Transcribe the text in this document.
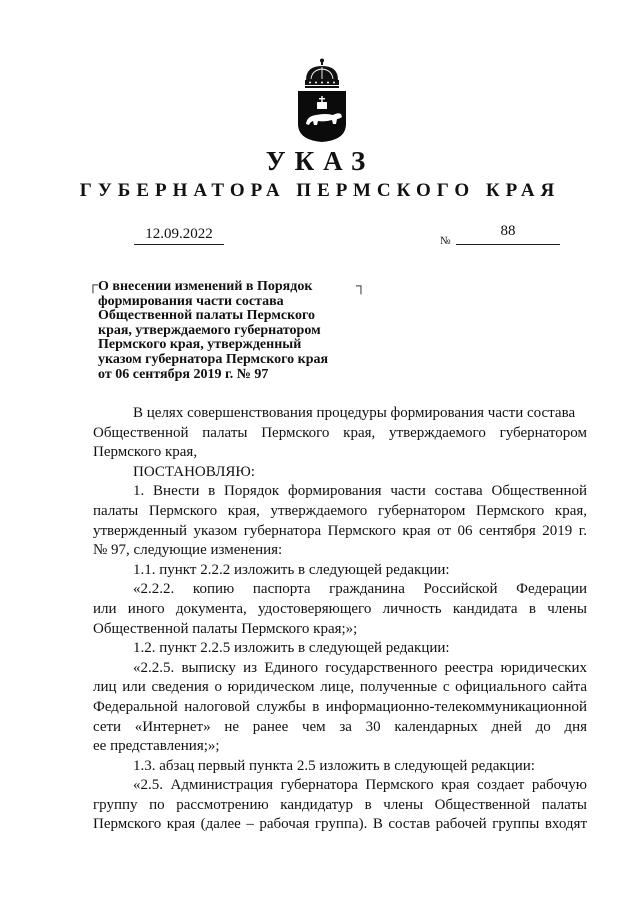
УКАЗ
ГУБЕРНАТОРА ПЕРМСКОГО КРАЯ
12.09.2022	№
88
┌	┐
О внесении изменений в Порядок
формирования части состава
Общественной палаты Пермского
края, утверждаемого губернатором
Пермского края, утвержденный
указом губернатора Пермского края
от 06 сентября 2019 г. № 97
В целях совершенствования процедуры формирования части состава
Общественной палаты Пермского края, утверждаемого губернатором
Пермского края,
ПОСТАНОВЛЯЮ:
1. Внести в Порядок формирования части состава Общественной
палаты Пермского края, утверждаемого губернатором Пермского края,
утвержденный указом губернатора Пермского края от 06 сентября 2019 г.
№ 97, следующие изменения:
1.1. пункт 2.2.2 изложить в следующей редакции:
«2.2.2. копию паспорта гражданина Российской Федерации
или иного документа, удостоверяющего личность кандидата в члены
Общественной палаты Пермского края;»;
1.2. пункт 2.2.5 изложить в следующей редакции:
«2.2.5. выписку из Единого государственного реестра юридических
лиц или сведения о юридическом лице, полученные с официального сайта
Федеральной налоговой службы в информационно-телекоммуникационной
сети «Интернет» не ранее чем за 30 календарных дней до дня
ее представления;»;
1.3. абзац первый пункта 2.5 изложить в следующей редакции:
«2.5. Администрация губернатора Пермского края создает рабочую
группу по рассмотрению кандидатур в члены Общественной палаты
Пермского края (далее – рабочая группа). В состав рабочей группы входят
